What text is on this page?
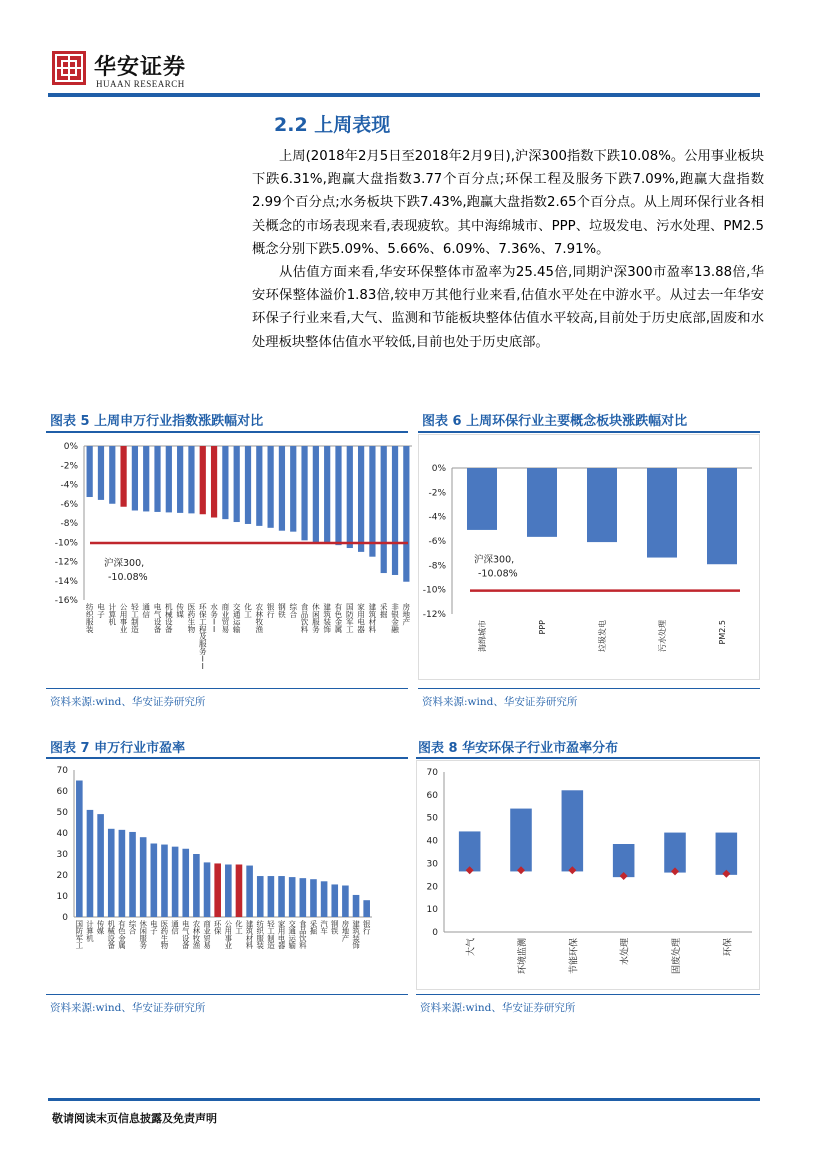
华安证券
HUAAN RESEARCH
2.2 上周表现

上周(2018年2月5日至2018年2月9日),沪深300指数下跌10.08%。公用事业板块下跌6.31%,跑赢大盘指数3.77个百分点;环保工程及服务下跌7.09%,跑赢大盘指数2.99个百分点;水务板块下跌7.43%,跑赢大盘指数2.65个百分点。从上周环保行业各相关概念的市场表现来看,表现疲软。其中海绵城市、PPP、垃圾发电、污水处理、PM2.5概念分别下跌5.09%、5.66%、6.09%、7.36%、7.91%。

从估值方面来看,华安环保整体市盈率为25.45倍,同期沪深300市盈率13.88倍,华安环保整体溢价1.83倍,较申万其他行业来看,估值水平处在中游水平。从过去一年华安环保子行业来看,大气、监测和节能板块整体估值水平较高,目前处于历史底部,固废和水处理板块整体估值水平较低,目前也处于历史底部。

图表 5 上周申万行业指数涨跌幅对比
0%
-2%
-4%
-6%
-8%
-10%
-12%
-14%
-16%
纺织服装
电子
计算机
公用事业
轻工制造
通信
电气设备
机械设备
传媒
医药生物
环保工程及服务 I I
水务 I I
商业贸易
交通运输
化工
农林牧渔
银行
钢铁
综合
食品饮料
休闲服务
建筑装饰
有色金属
国防军工
家用电器
建筑材料
采掘
非银金融
房地产
沪深300,
-10.08%
资料来源:wind、华安证券研究所
图表 6 上周环保行业主要概念板块涨跌幅对比
0%
-2%
-4%
-6%
-8%
-10%
-12%
海绵城市	PPP	垃圾发电	污水处理	PM2.5
沪深300,
-10.08%
资料来源:wind、华安证券研究所
图表 7 申万行业市盈率
0
10
20
30
40
50
60
70
国防军工
计算机
传媒
机械设备
有色金属
综合
休闲服务
电子
医药生物
通信
电气设备
农林牧渔
商业贸易
环保
公用事业
化工
建筑材料
纺织服装
轻工制造
家用电器
交通运输
食品饮料
采掘
汽车
钢铁
房地产
建筑装饰
银行
资料来源:wind、华安证券研究所
图表 8 华安环保子行业市盈率分布
0
10
20
30
40
50
60
70
大气	环境监测	节能环保	水处理	固废处理	环保
资料来源:wind、华安证券研究所
敬请阅读末页信息披露及免责声明
